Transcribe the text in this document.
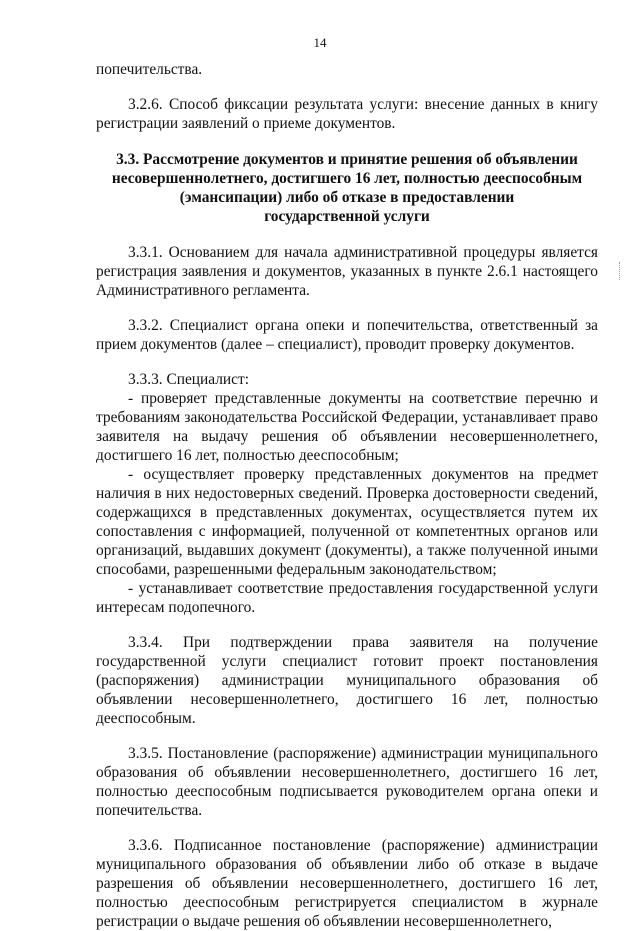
14

попечительства.

3.2.6. Способ фиксации результата услуги: внесение данных в книгу регистрации заявлений о приеме документов.

3.3. Рассмотрение документов и принятие решения об объявлении
несовершеннолетнего, достигшего 16 лет, полностью дееспособным
(эмансипации) либо об отказе в предоставлении
государственной услуги

3.3.1. Основанием для начала административной процедуры является регистрация заявления и документов, указанных в пункте 2.6.1 настоящего Административного регламента.

3.3.2. Специалист органа опеки и попечительства, ответственный за прием документов (далее – специалист), проводит проверку документов.

3.3.3. Специалист:

- проверяет представленные документы на соответствие перечню и требованиям законодательства Российской Федерации, устанавливает право заявителя на выдачу решения об объявлении несовершеннолетнего, достигшего 16 лет, полностью дееспособным;

- осуществляет проверку представленных документов на предмет наличия в них недостоверных сведений. Проверка достоверности сведений, содержащихся в представленных документах, осуществляется путем их сопоставления с информацией, полученной от компетентных органов или организаций, выдавших документ (документы), а также полученной иными способами, разрешенными федеральным законодательством;

- устанавливает соответствие предоставления государственной услуги интересам подопечного.

3.3.4. При подтверждении права заявителя на получение государственной услуги специалист готовит проект постановления (распоряжения) администрации муниципального образования об объявлении несовершеннолетнего, достигшего 16 лет, полностью дееспособным.

3.3.5. Постановление (распоряжение) администрации муниципального образования об объявлении несовершеннолетнего, достигшего 16 лет, полностью дееспособным подписывается руководителем органа опеки и попечительства.

3.3.6. Подписанное постановление (распоряжение) администрации муниципального образования об объявлении либо об отказе в выдаче разрешения об объявлении несовершеннолетнего, достигшего 16 лет, полностью дееспособным регистрируется специалистом в журнале регистрации о выдаче решения об объявлении несовершеннолетнего,
